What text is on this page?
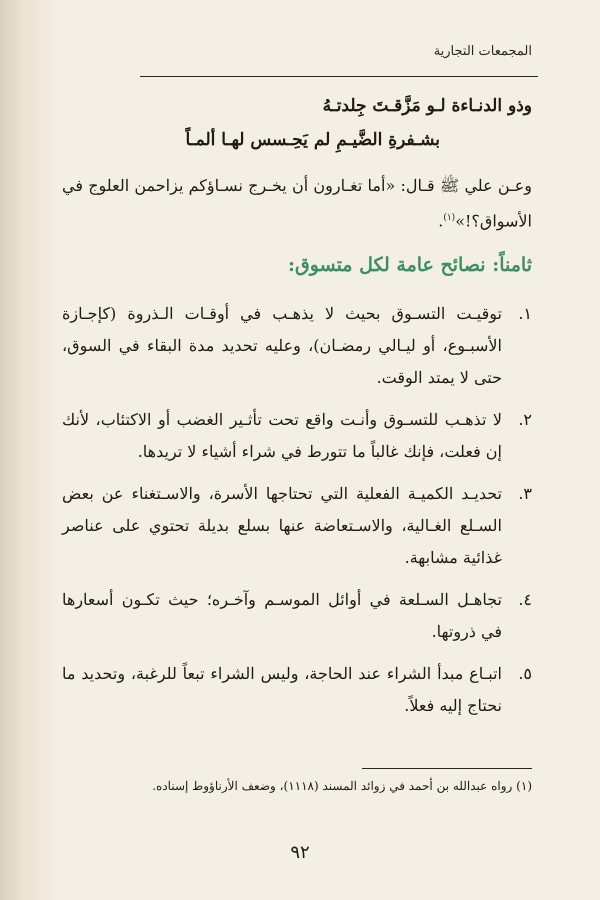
المجمعات التجارية
وذو الدنـاءة لـو مَزَّقـتَ جِلدتـهُ
بشـفرةِ الضَّيـمِ لم يَحِـسس لهـا ألمـاً
وعـن علي ﷺ قـال: «أما تغـارون أن يخـرج نسـاؤكم يزاحمن العلوج في الأسواق؟!»$^{(١)}$.
ثامناً: نصائح عامة لكل متسوق:
١.
توقيـت التسـوق بحيث لا يذهـب في أوقـات الـذروة (كإجـازة الأسبـوع، أو ليـالي رمضـان)، وعليه تحديد مدة البقاء في السوق، حتى لا يمتد الوقت.
٢.
لا تذهـب للتسـوق وأنـت واقع تحت تأثـير الغضب أو الاكتئاب، لأنك إن فعلت، فإنك غالباً ما تتورط في شراء أشياء لا تريدها.
٣.
تحديـد الكميـة الفعلية التي تحتاجها الأسرة، والاسـتغناء عن بعض السـلع الغـالية، والاسـتعاضة عنها بسلع بديلة تحتوي على عناصر غذائية مشابهة.
٤.
تجاهـل السـلعة في أوائل الموسـم وآخـره؛ حيث تكـون أسعارها في ذروتها.
٥.
اتبـاع مبدأ الشراء عند الحاجة، وليس الشراء تبعاً للرغبة، وتحديد ما نحتاج إليه فعلاً.
(١) رواه عبدالله بن أحمد في زوائد المسند (١١١٨)، وضعف الأرناؤوط إسناده.
٩٢
